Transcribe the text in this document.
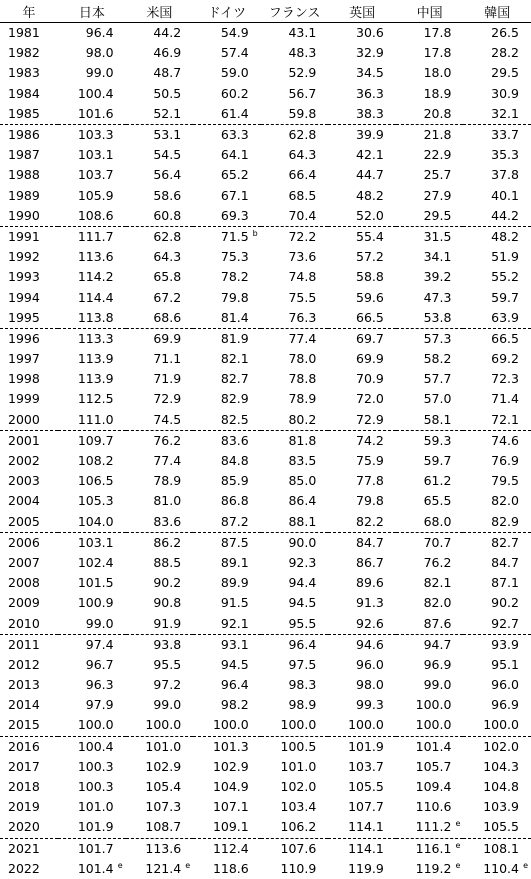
年	日本	米国	ドイツ	フランス	英国	中国	韓国
1981	96.4	44.2	54.9	43.1	30.6	17.8	26.5
1982	98.0	46.9	57.4	48.3	32.9	17.8	28.2
1983	99.0	48.7	59.0	52.9	34.5	18.0	29.5
1984	100.4	50.5	60.2	56.7	36.3	18.9	30.9
1985	101.6	52.1	61.4	59.8	38.3	20.8	32.1
1986	103.3	53.1	63.3	62.8	39.9	21.8	33.7
1987	103.1	54.5	64.1	64.3	42.1	22.9	35.3
1988	103.7	56.4	65.2	66.4	44.7	25.7	37.8
1989	105.9	58.6	67.1	68.5	48.2	27.9	40.1
1990	108.6	60.8	69.3	70.4	52.0	29.5	44.2
1991	111.7	62.8	71.5 b	72.2	55.4	31.5	48.2
1992	113.6	64.3	75.3	73.6	57.2	34.1	51.9
1993	114.2	65.8	78.2	74.8	58.8	39.2	55.2
1994	114.4	67.2	79.8	75.5	59.6	47.3	59.7
1995	113.8	68.6	81.4	76.3	66.5	53.8	63.9
1996	113.3	69.9	81.9	77.4	69.7	57.3	66.5
1997	113.9	71.1	82.1	78.0	69.9	58.2	69.2
1998	113.9	71.9	82.7	78.8	70.9	57.7	72.3
1999	112.5	72.9	82.9	78.9	72.0	57.0	71.4
2000	111.0	74.5	82.5	80.2	72.9	58.1	72.1
2001	109.7	76.2	83.6	81.8	74.2	59.3	74.6
2002	108.2	77.4	84.8	83.5	75.9	59.7	76.9
2003	106.5	78.9	85.9	85.0	77.8	61.2	79.5
2004	105.3	81.0	86.8	86.4	79.8	65.5	82.0
2005	104.0	83.6	87.2	88.1	82.2	68.0	82.9
2006	103.1	86.2	87.5	90.0	84.7	70.7	82.7
2007	102.4	88.5	89.1	92.3	86.7	76.2	84.7
2008	101.5	90.2	89.9	94.4	89.6	82.1	87.1
2009	100.9	90.8	91.5	94.5	91.3	82.0	90.2
2010	99.0	91.9	92.1	95.5	92.6	87.6	92.7
2011	97.4	93.8	93.1	96.4	94.6	94.7	93.9
2012	96.7	95.5	94.5	97.5	96.0	96.9	95.1
2013	96.3	97.2	96.4	98.3	98.0	99.0	96.0
2014	97.9	99.0	98.2	98.9	99.3	100.0	96.9
2015	100.0	100.0	100.0	100.0	100.0	100.0	100.0
2016	100.4	101.0	101.3	100.5	101.9	101.4	102.0
2017	100.3	102.9	102.9	101.0	103.7	105.7	104.3
2018	100.3	105.4	104.9	102.0	105.5	109.4	104.8
2019	101.0	107.3	107.1	103.4	107.7	110.6	103.9
2020	101.9	108.7	109.1	106.2	114.1	111.2 e	105.5
2021	101.7	113.6	112.4	107.6	114.1	116.1 e	108.1
2022	101.4 e	121.4 e	118.6	110.9	119.9	119.2 e	110.4 e
